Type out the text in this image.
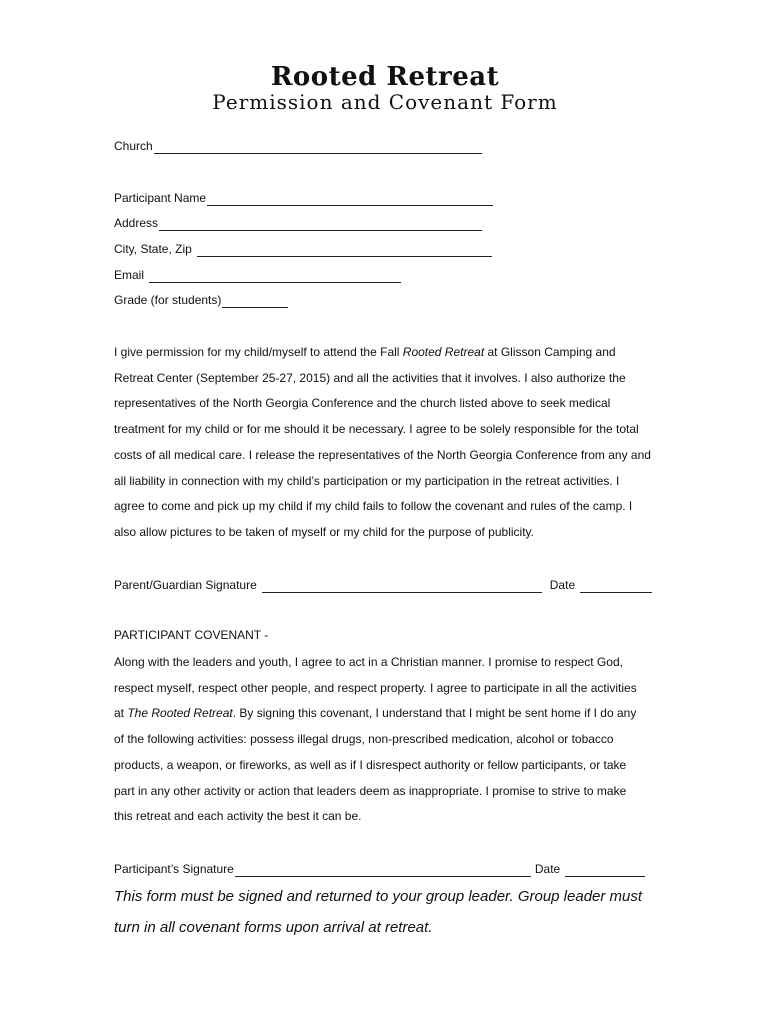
Rooted Retreat
Permission and Covenant Form
Church
Participant Name
Address
City, State, Zip
Email
Grade (for students)
I give permission for my child/myself to attend the Fall Rooted Retreat at Glisson Camping and
Retreat Center (September 25-27, 2015) and all the activities that it involves. I also authorize the
representatives of the North Georgia Conference and the church listed above to seek medical
treatment for my child or for me should it be necessary. I agree to be solely responsible for the total
costs of all medical care. I release the representatives of the North Georgia Conference from any and
all liability in connection with my child’s participation or my participation in the retreat activities. I
agree to come and pick up my child if my child fails to follow the covenant and rules of the camp. I
also allow pictures to be taken of myself or my child for the purpose of publicity.
Parent/Guardian Signature	Date
PARTICIPANT COVENANT -
Along with the leaders and youth, I agree to act in a Christian manner. I promise to respect God,
respect myself, respect other people, and respect property. I agree to participate in all the activities
at The Rooted Retreat. By signing this covenant, I understand that I might be sent home if I do any
of the following activities: possess illegal drugs, non-prescribed medication, alcohol or tobacco
products, a weapon, or fireworks, as well as if I disrespect authority or fellow participants, or take
part in any other activity or action that leaders deem as inappropriate. I promise to strive to make
this retreat and each activity the best it can be.
Participant’s Signature	Date
This form must be signed and returned to your group leader. Group leader must
turn in all covenant forms upon arrival at retreat.
